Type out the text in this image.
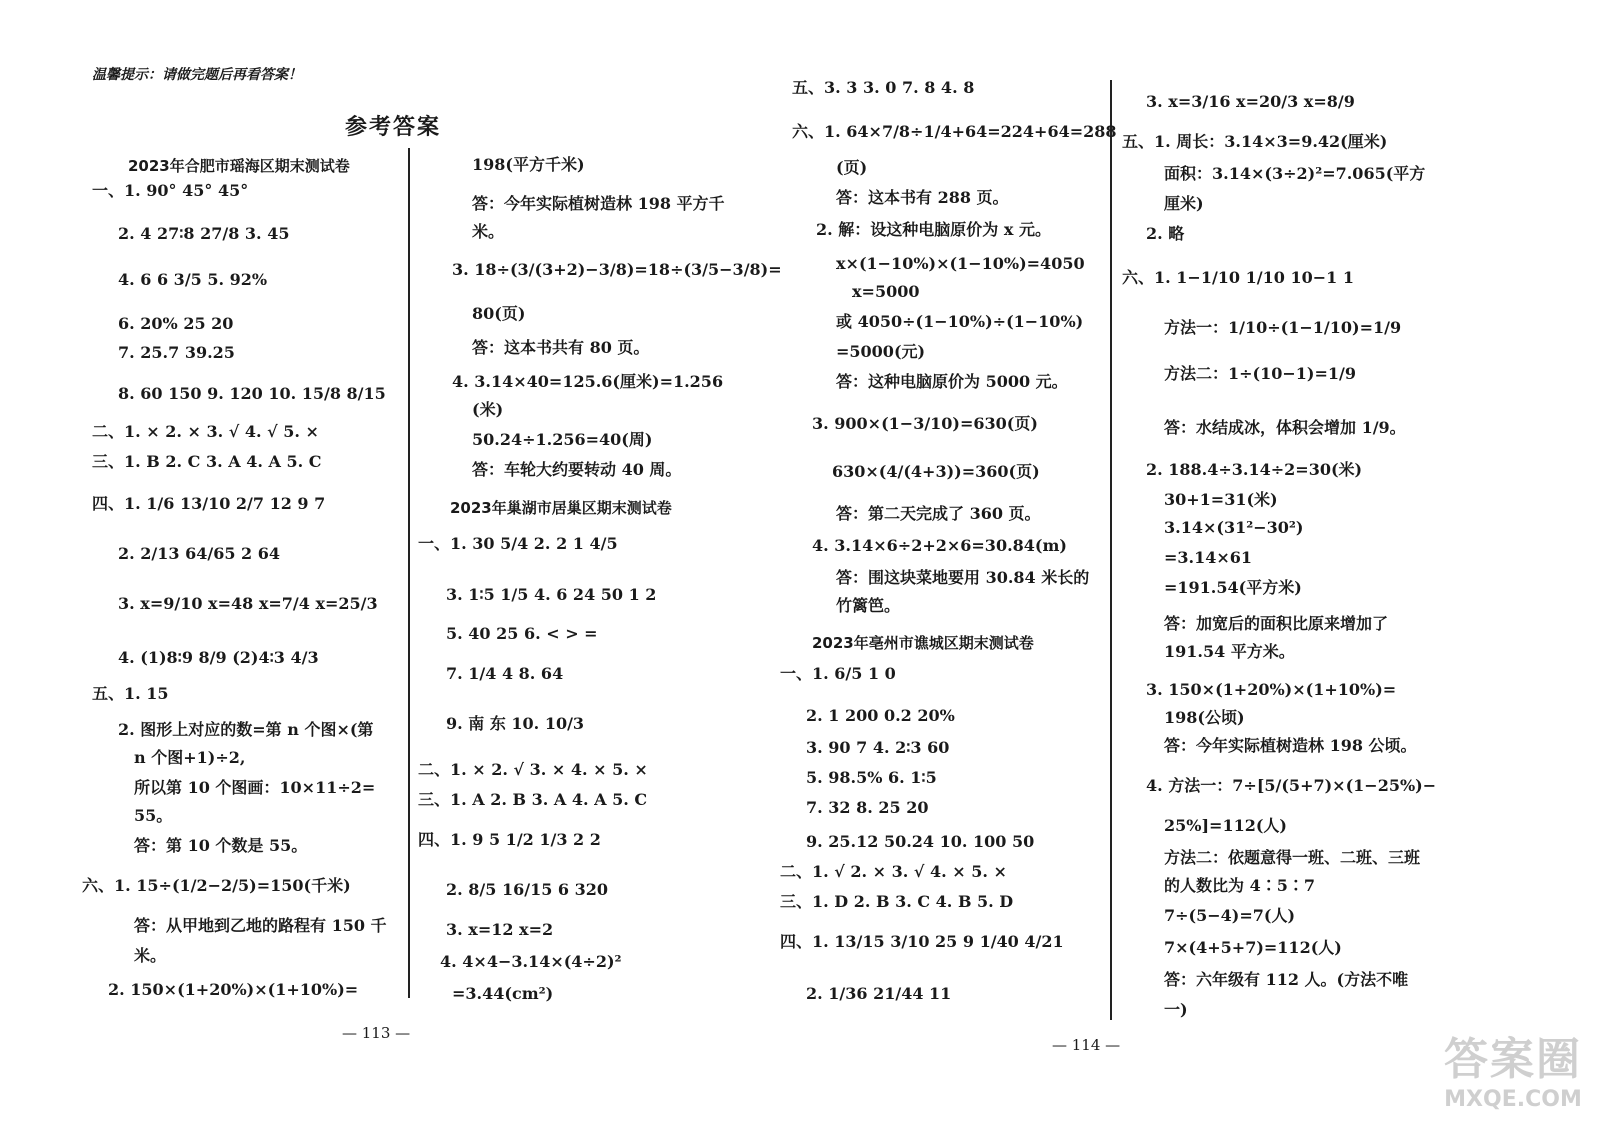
温馨提示：请做完题后再看答案！
参考答案
2023年合肥市瑶海区期末测试卷
一、1. 90° 45° 45°
2. 4 27∶8 27/8 3. 45
4. 6 6 3/5 5. 92%
6. 20% 25 20
7. 25.7 39.25
8. 60 150 9. 120 10. 15/8 8/15
二、1. × 2. × 3. √ 4. √ 5. ×
三、1. B 2. C 3. A 4. A 5. C
四、1. 1/6 13/10 2/7 12 9 7
2. 2/13 64/65 2 64
3. x=9/10 x=48 x=7/4 x=25/3
4. (1)8∶9 8/9 (2)4∶3 4/3
五、1. 15
2. 图形上对应的数=第 n 个图×(第
n 个图+1)÷2,
所以第 10 个图画：10×11÷2=
55。
答：第 10 个数是 55。
六、1. 15÷(1/2−2/5)=150(千米)
答：从甲地到乙地的路程有 150 千
米。
2. 150×(1+20%)×(1+10%)=
198(平方千米)
答：今年实际植树造林 198 平方千
米。
3. 18÷(3/(3+2)−3/8)=18÷(3/5−3/8)=
80(页)
答：这本书共有 80 页。
4. 3.14×40=125.6(厘米)=1.256
(米)
50.24÷1.256=40(周)
答：车轮大约要转动 40 周。
2023年巢湖市居巢区期末测试卷
一、1. 30 5/4 2. 2 1 4/5
3. 1∶5 1/5 4. 6 24 50 1 2
5. 40 25 6. < > =
7. 1/4 4 8. 64
9. 南 东 10. 10/3
二、1. × 2. √ 3. × 4. × 5. ×
三、1. A 2. B 3. A 4. A 5. C
四、1. 9 5 1/2 1/3 2 2
2. 8/5 16/15 6 320
3. x=12 x=2
4. 4×4−3.14×(4÷2)²
=3.44(cm²)
五、3. 3 3. 0 7. 8 4. 8
六、1. 64×7/8÷1/4+64=224+64=288
(页)
答：这本书有 288 页。
2. 解：设这种电脑原价为 x 元。
x×(1−10%)×(1−10%)=4050
x=5000
或 4050÷(1−10%)÷(1−10%)
=5000(元)
答：这种电脑原价为 5000 元。
3. 900×(1−3/10)=630(页)
630×(4/(4+3))=360(页)
答：第二天完成了 360 页。
4. 3.14×6÷2+2×6=30.84(m)
答：围这块菜地要用 30.84 米长的
竹篱笆。
2023年亳州市谯城区期末测试卷
一、1. 6/5 1 0
2. 1 200 0.2 20%
3. 90 7 4. 2∶3 60
5. 98.5% 6. 1∶5
7. 32 8. 25 20
9. 25.12 50.24 10. 100 50
二、1. √ 2. × 3. √ 4. × 5. ×
三、1. D 2. B 3. C 4. B 5. D
四、1. 13/15 3/10 25 9 1/40 4/21
2. 1/36 21/44 11
3. x=3/16 x=20/3 x=8/9
五、1. 周长：3.14×3=9.42(厘米)
面积：3.14×(3÷2)²=7.065(平方
厘米)
2. 略
六、1. 1−1/10 1/10 10−1 1
方法一：1/10÷(1−1/10)=1/9
方法二：1÷(10−1)=1/9
答：水结成冰，体积会增加 1/9。
2. 188.4÷3.14÷2=30(米)
30+1=31(米)
3.14×(31²−30²)
=3.14×61
=191.54(平方米)
答：加宽后的面积比原来增加了
191.54 平方米。
3. 150×(1+20%)×(1+10%)=
198(公顷)
答：今年实际植树造林 198 公顷。
4. 方法一：7÷[5/(5+7)×(1−25%)−
25%]=112(人)
方法二：依题意得一班、二班、三班
的人数比为 4∶5∶7
7÷(5−4)=7(人)
7×(4+5+7)=112(人)
答：六年级有 112 人。(方法不唯
一)
— 113 —
— 114 —	答案圈
MXQE.COM
